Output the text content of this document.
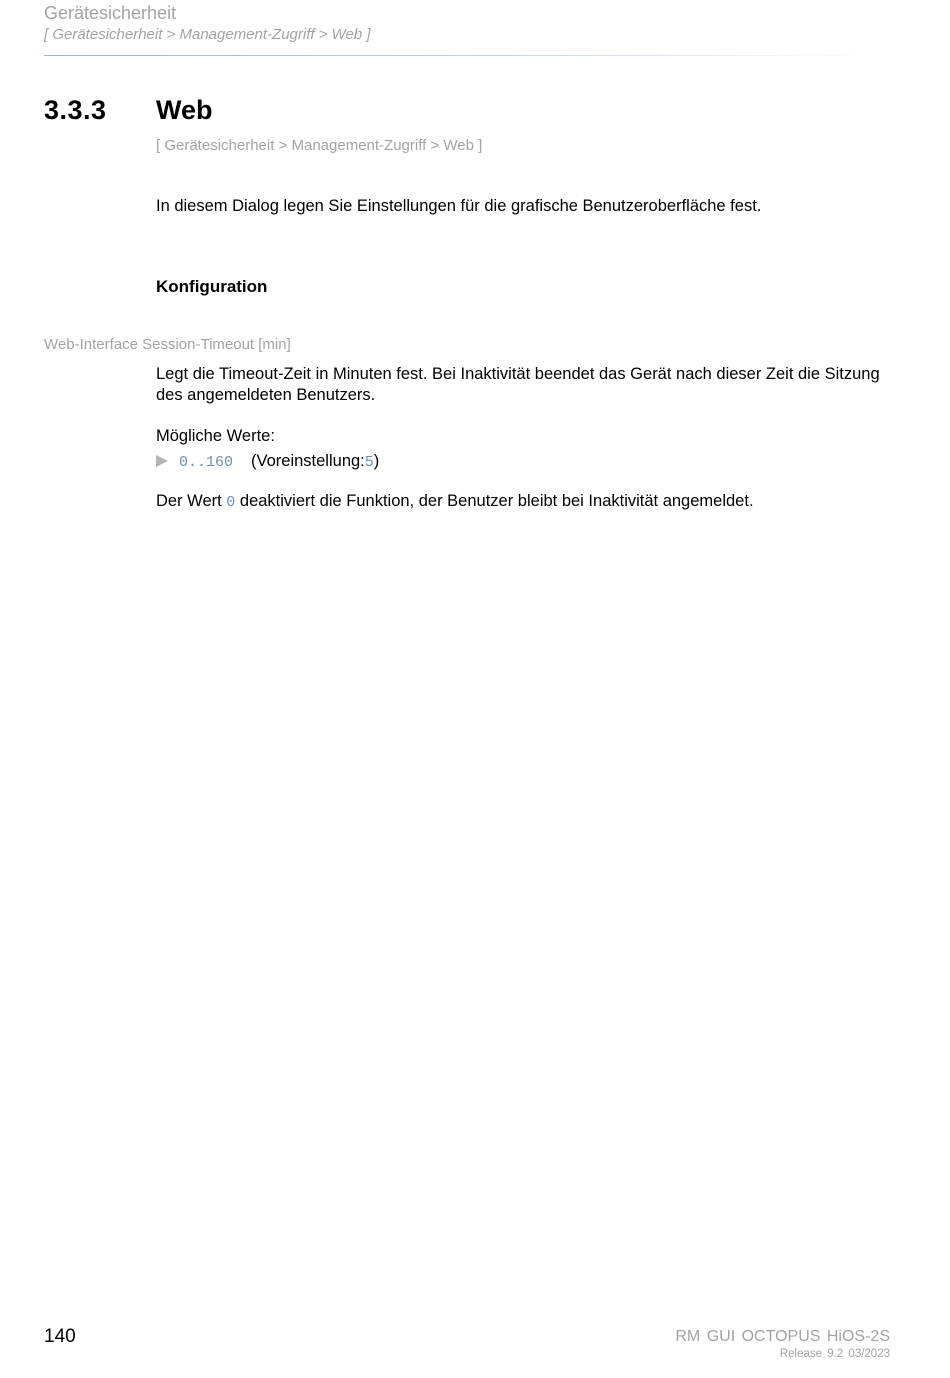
Gerätesicherheit
[ Gerätesicherheit > Management-Zugriff > Web ]
3.3.3 Web
[ Gerätesicherheit > Management-Zugriff > Web ]
In diesem Dialog legen Sie Einstellungen für die grafische Benutzeroberfläche fest.
Konfiguration
Web-Interface Session-Timeout [min]
Legt die Timeout-Zeit in Minuten fest. Bei Inaktivität beendet das Gerät nach dieser Zeit die Sitzung des angemeldeten Benutzers.
Mögliche Werte:
0..160 (Voreinstellung: 5 )
Der Wert 0 deaktiviert die Funktion, der Benutzer bleibt bei Inaktivität angemeldet.
140	RM GUI OCTOPUS HiOS-2S
Release 9.2 03/2023
